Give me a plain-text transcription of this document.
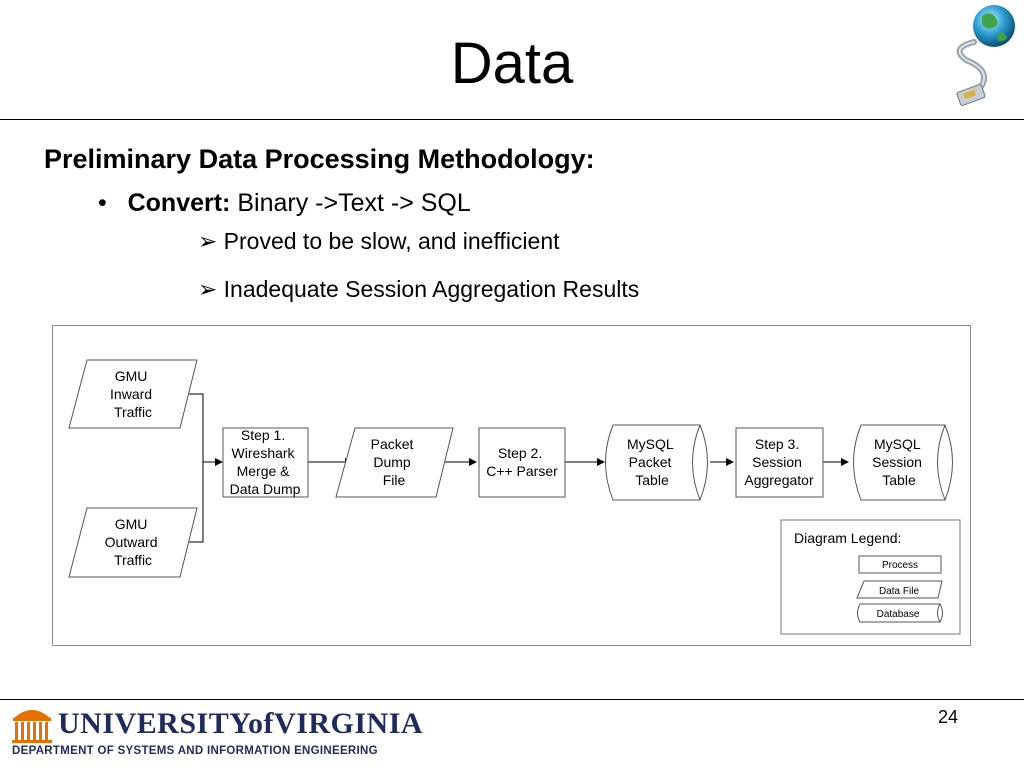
Data
Preliminary Data Processing Methodology:
•   Convert: Binary ->Text -> SQL
➢ Proved to be slow, and inefficient
➢ Inadequate Session Aggregation Results
GMU Inward Traffic
GMU Outward Traffic
Step 1. Wireshark Merge & Data Dump
Packet Dump File
Step 2. C++ Parser
MySQL Packet Table
Step 3. Session Aggregator
MySQL Session Table
Diagram Legend:
Process
Data File
Database
UNIVERSITYofVIRGINIA
DEPARTMENT OF SYSTEMS AND INFORMATION ENGINEERING
24
